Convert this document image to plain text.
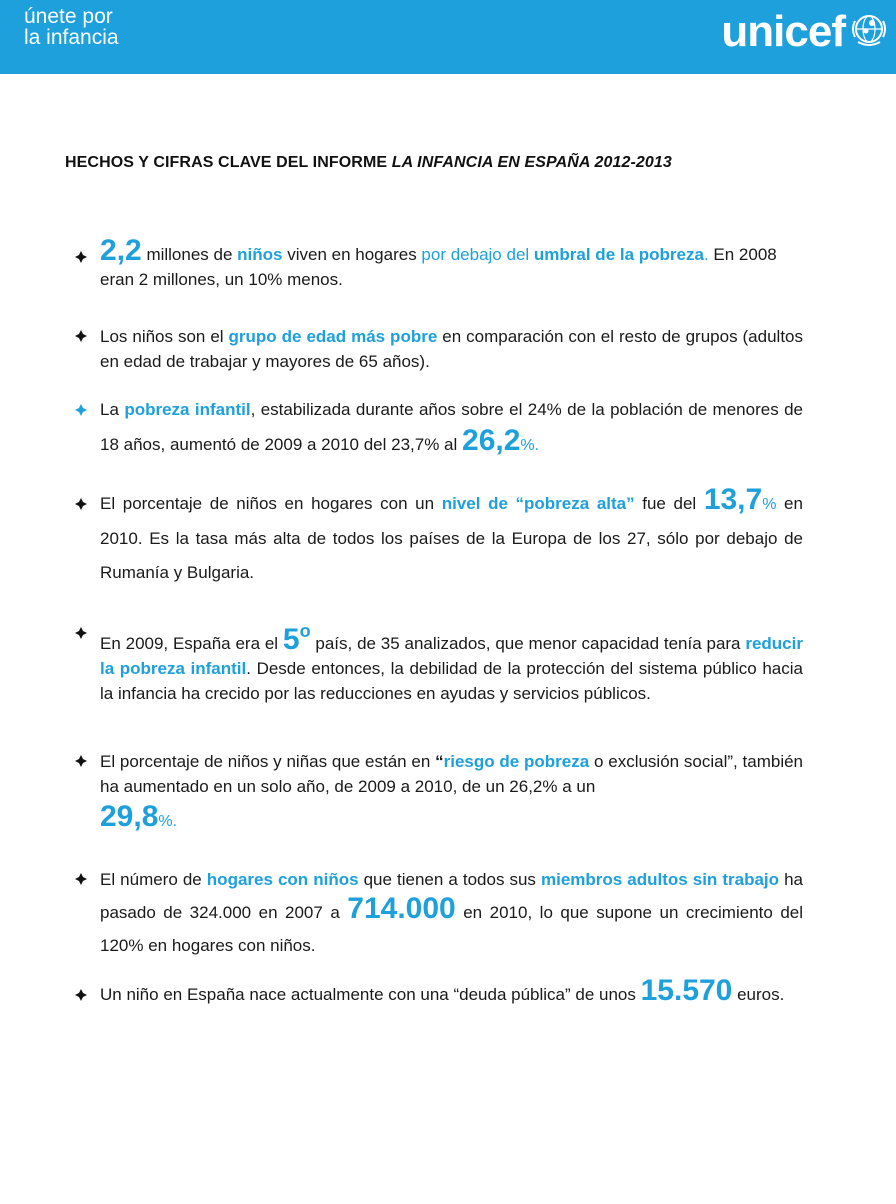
únete por
la infancia	unicef
HECHOS Y CIFRAS CLAVE DEL INFORME LA INFANCIA EN ESPAÑA 2012-2013

2,2 millones de niños viven en hogares por debajo del umbral de la pobreza. En 2008 eran 2 millones, un 10% menos.

Los niños son el grupo de edad más pobre en comparación con el resto de grupos (adultos en edad de trabajar y mayores de 65 años).

La pobreza infantil, estabilizada durante años sobre el 24% de la población de menores de 18 años, aumentó de 2009 a 2010 del 23,7% al 26,2%.

El porcentaje de niños en hogares con un nivel de “pobreza alta” fue del 13,7% en 2010. Es la tasa más alta de todos los países de la Europa de los 27, sólo por debajo de Rumanía y Bulgaria.

En 2009, España era el 5o país, de 35 analizados, que menor capacidad tenía para reducir la pobreza infantil. Desde entonces, la debilidad de la protección del sistema público hacia la infancia ha crecido por las reducciones en ayudas y servicios públicos.

El porcentaje de niños y niñas que están en “riesgo de pobreza o exclusión social”, también ha aumentado en un solo año, de 2009 a 2010, de un 26,2% a un
29,8%.

El número de hogares con niños que tienen a todos sus miembros adultos sin trabajo ha pasado de 324.000 en 2007 a 714.000 en 2010, lo que supone un crecimiento del 120% en hogares con niños.

Un niño en España nace actualmente con una “deuda pública” de unos 15.570 euros.
